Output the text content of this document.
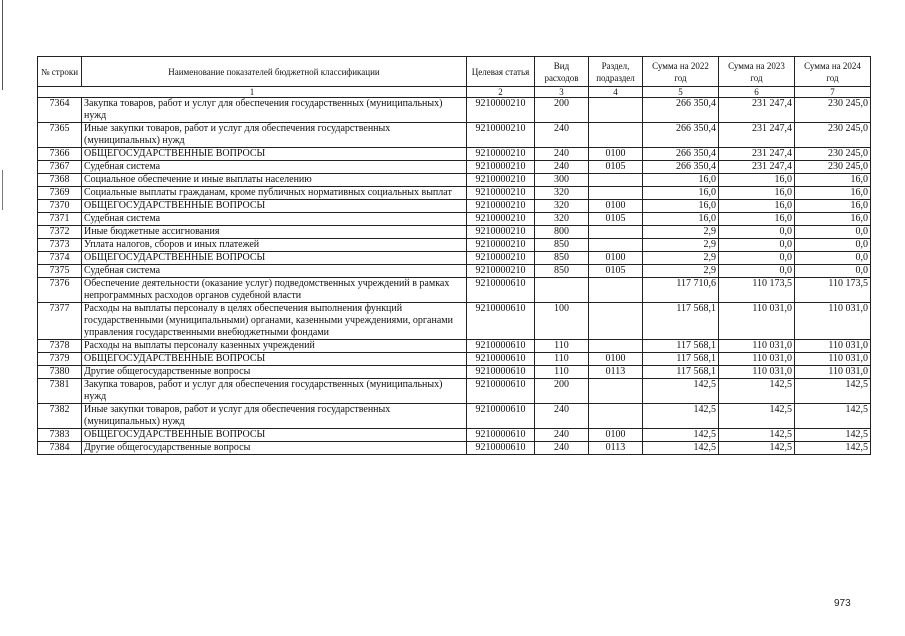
№ строки	Наименование показателей бюджетной классификации	Целевая статья	Вид расходов	Раздел, подраздел	Сумма на 2022 год	Сумма на 2023 год	Сумма на 2024 год
1		2	3	4	5	6	7
7364	Закупка товаров, работ и услуг для обеспечения государственных (муниципальных) нужд	9210000210	200		266 350,4	231 247,4	230 245,0
7365	Иные закупки товаров, работ и услуг для обеспечения государственных (муниципальных) нужд	9210000210	240		266 350,4	231 247,4	230 245,0
7366	ОБЩЕГОСУДАРСТВЕННЫЕ ВОПРОСЫ	9210000210	240	0100	266 350,4	231 247,4	230 245,0
7367	Судебная система	9210000210	240	0105	266 350,4	231 247,4	230 245,0
7368	Социальное обеспечение и иные выплаты населению	9210000210	300		16,0	16,0	16,0
7369	Социальные выплаты гражданам, кроме публичных нормативных социальных выплат	9210000210	320		16,0	16,0	16,0
7370	ОБЩЕГОСУДАРСТВЕННЫЕ ВОПРОСЫ	9210000210	320	0100	16,0	16,0	16,0
7371	Судебная система	9210000210	320	0105	16,0	16,0	16,0
7372	Иные бюджетные ассигнования	9210000210	800		2,9	0,0	0,0
7373	Уплата налогов, сборов и иных платежей	9210000210	850		2,9	0,0	0,0
7374	ОБЩЕГОСУДАРСТВЕННЫЕ ВОПРОСЫ	9210000210	850	0100	2,9	0,0	0,0
7375	Судебная система	9210000210	850	0105	2,9	0,0	0,0
7376	Обеспечение деятельности (оказание услуг) подведомственных учреждений в рамках непрограммных расходов органов судебной власти	9210000610			117 710,6	110 173,5	110 173,5
7377	Расходы на выплаты персоналу в целях обеспечения выполнения функций государственными (муниципальными) органами, казенными учреждениями, органами управления государственными внебюджетными фондами	9210000610	100		117 568,1	110 031,0	110 031,0
7378	Расходы на выплаты персоналу казенных учреждений	9210000610	110		117 568,1	110 031,0	110 031,0
7379	ОБЩЕГОСУДАРСТВЕННЫЕ ВОПРОСЫ	9210000610	110	0100	117 568,1	110 031,0	110 031,0
7380	Другие общегосударственные вопросы	9210000610	110	0113	117 568,1	110 031,0	110 031,0
7381	Закупка товаров, работ и услуг для обеспечения государственных (муниципальных) нужд	9210000610	200		142,5	142,5	142,5
7382	Иные закупки товаров, работ и услуг для обеспечения государственных (муниципальных) нужд	9210000610	240		142,5	142,5	142,5
7383	ОБЩЕГОСУДАРСТВЕННЫЕ ВОПРОСЫ	9210000610	240	0100	142,5	142,5	142,5
7384	Другие общегосударственные вопросы	9210000610	240	0113	142,5	142,5	142,5
973
